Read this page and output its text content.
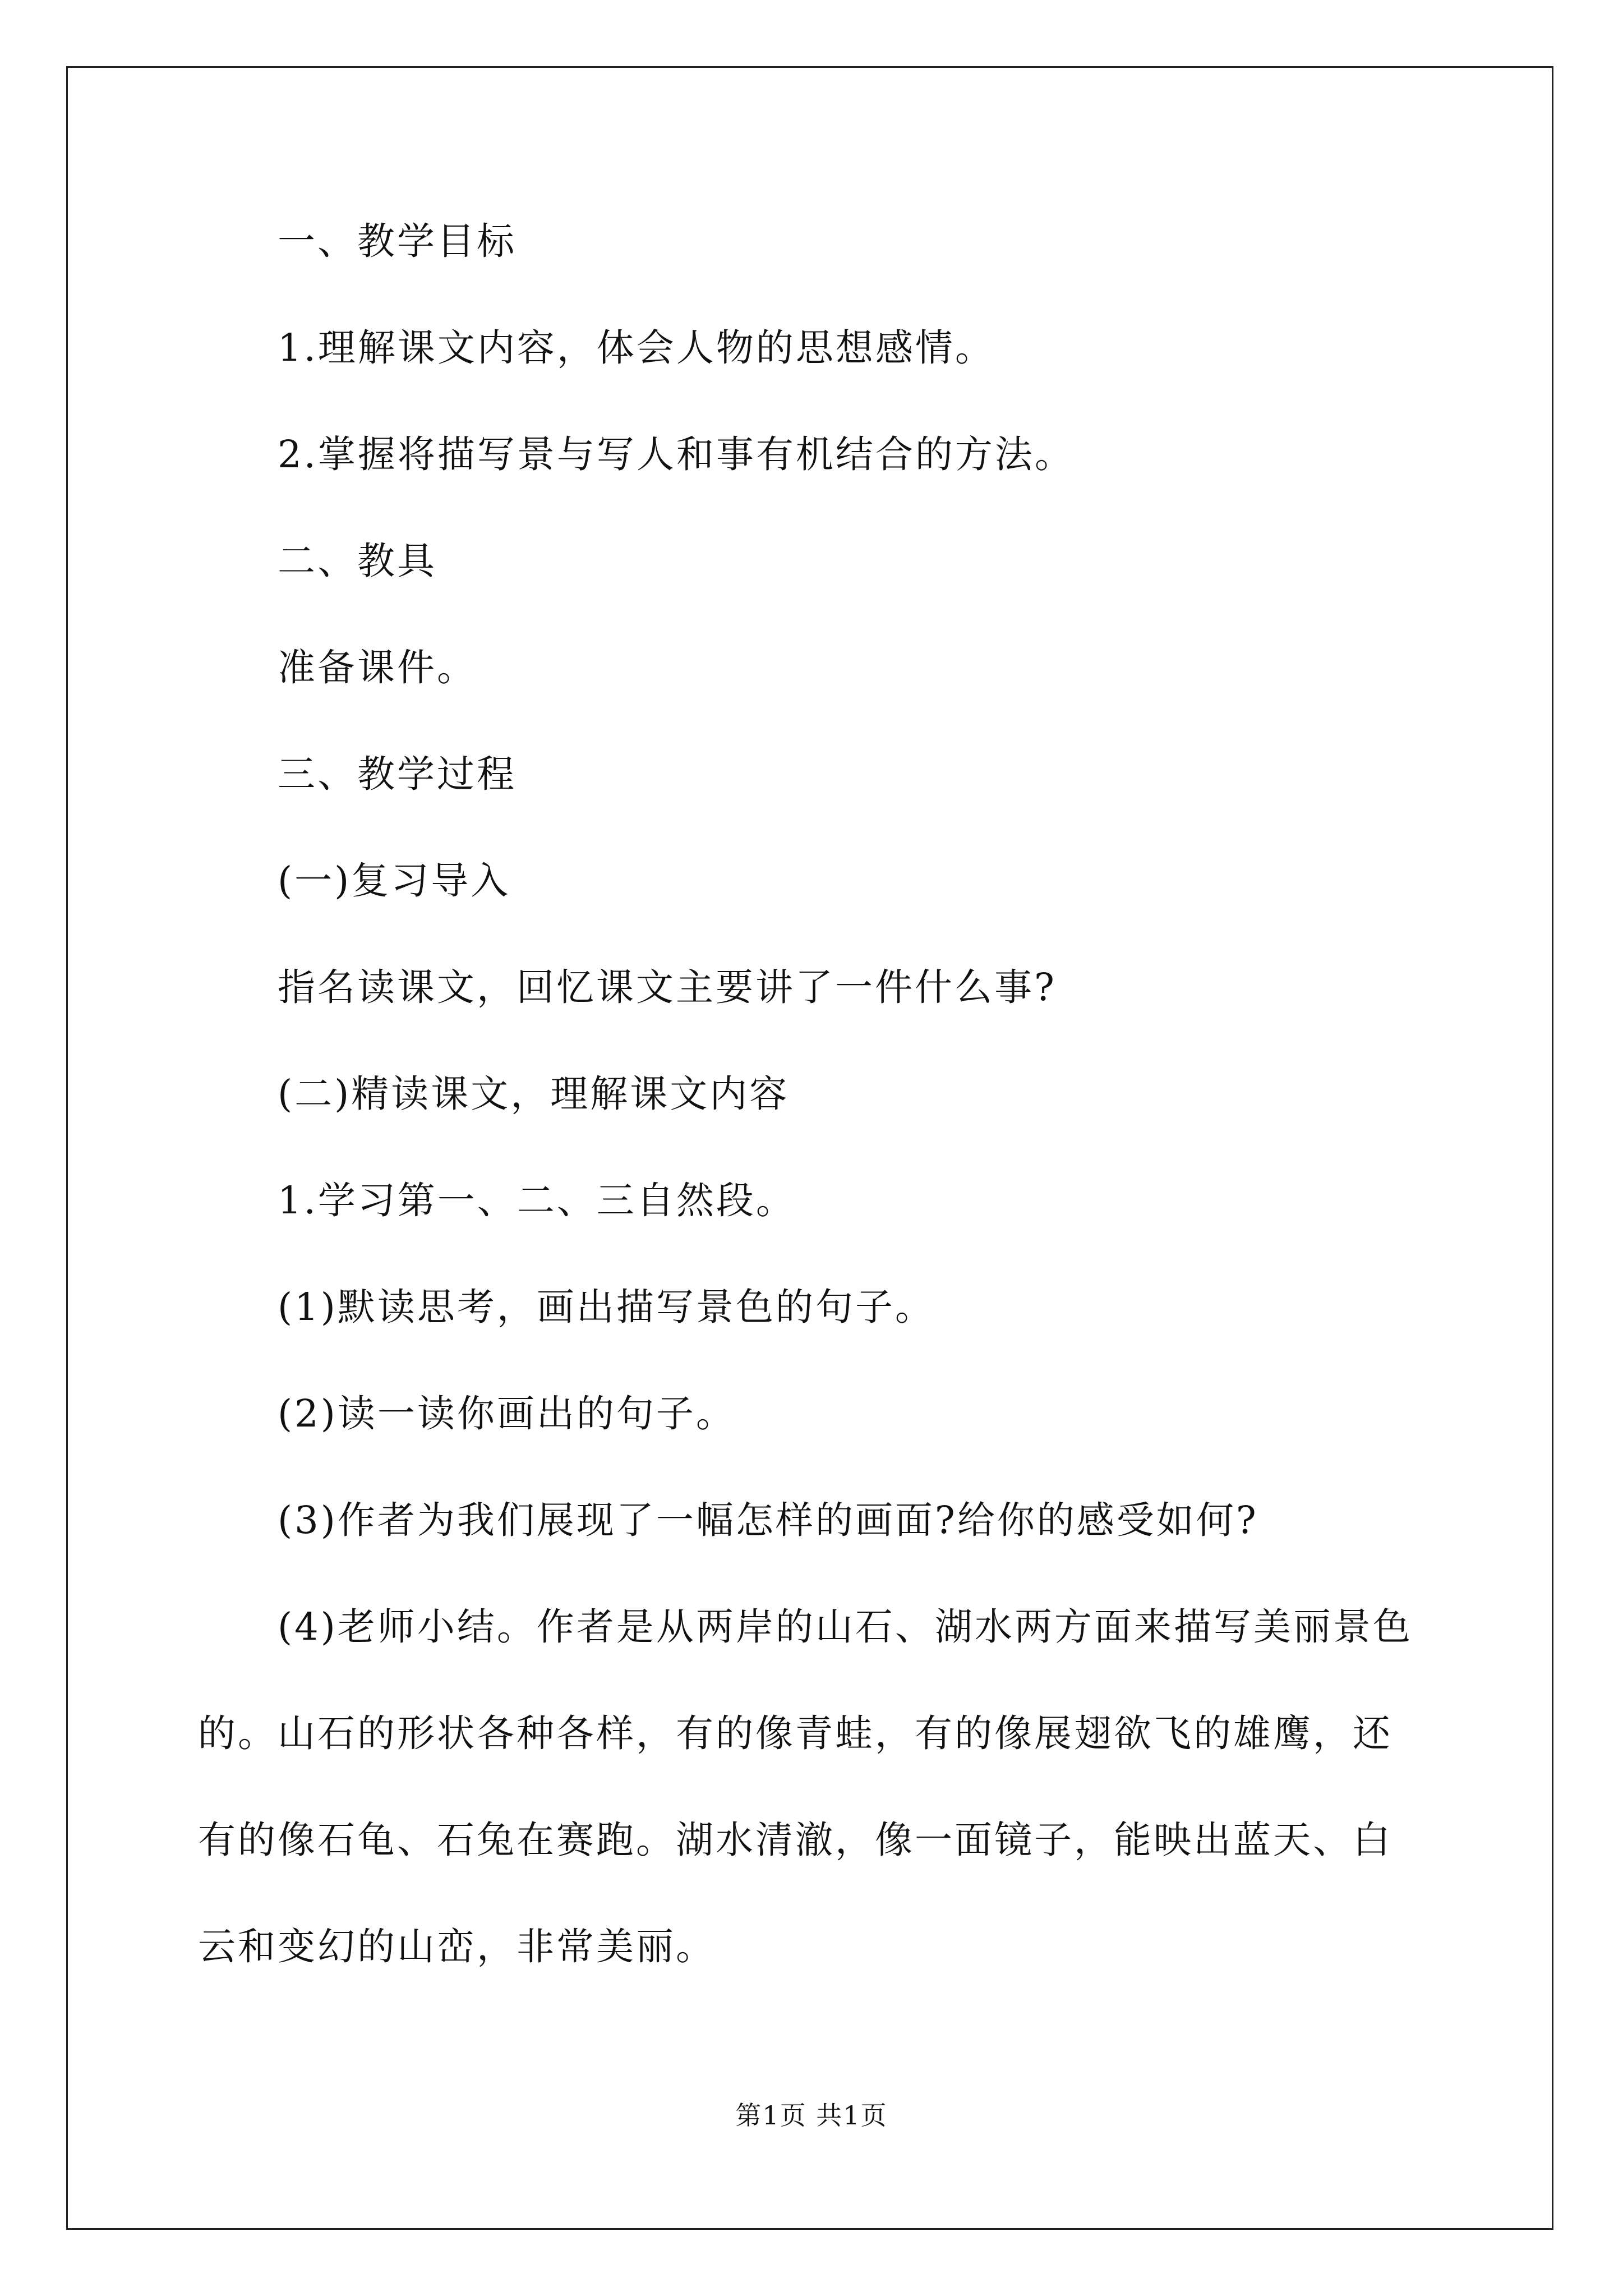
一、教学目标
1.理解课文内容，体会人物的思想感情。
2.掌握将描写景与写人和事有机结合的方法。
二、教具
准备课件。
三、教学过程
(一)复习导入
指名读课文，回忆课文主要讲了一件什么事?
(二)精读课文，理解课文内容
1.学习第一、二、三自然段。
(1)默读思考，画出描写景色的句子。
(2)读一读你画出的句子。
(3)作者为我们展现了一幅怎样的画面?给你的感受如何?
(4)老师小结。作者是从两岸的山石、湖水两方面来描写美丽景色
的。山石的形状各种各样，有的像青蛙，有的像展翅欲飞的雄鹰，还
有的像石龟、石兔在赛跑。湖水清澈，像一面镜子，能映出蓝天、白
云和变幻的山峦，非常美丽。
第1页 共1页
